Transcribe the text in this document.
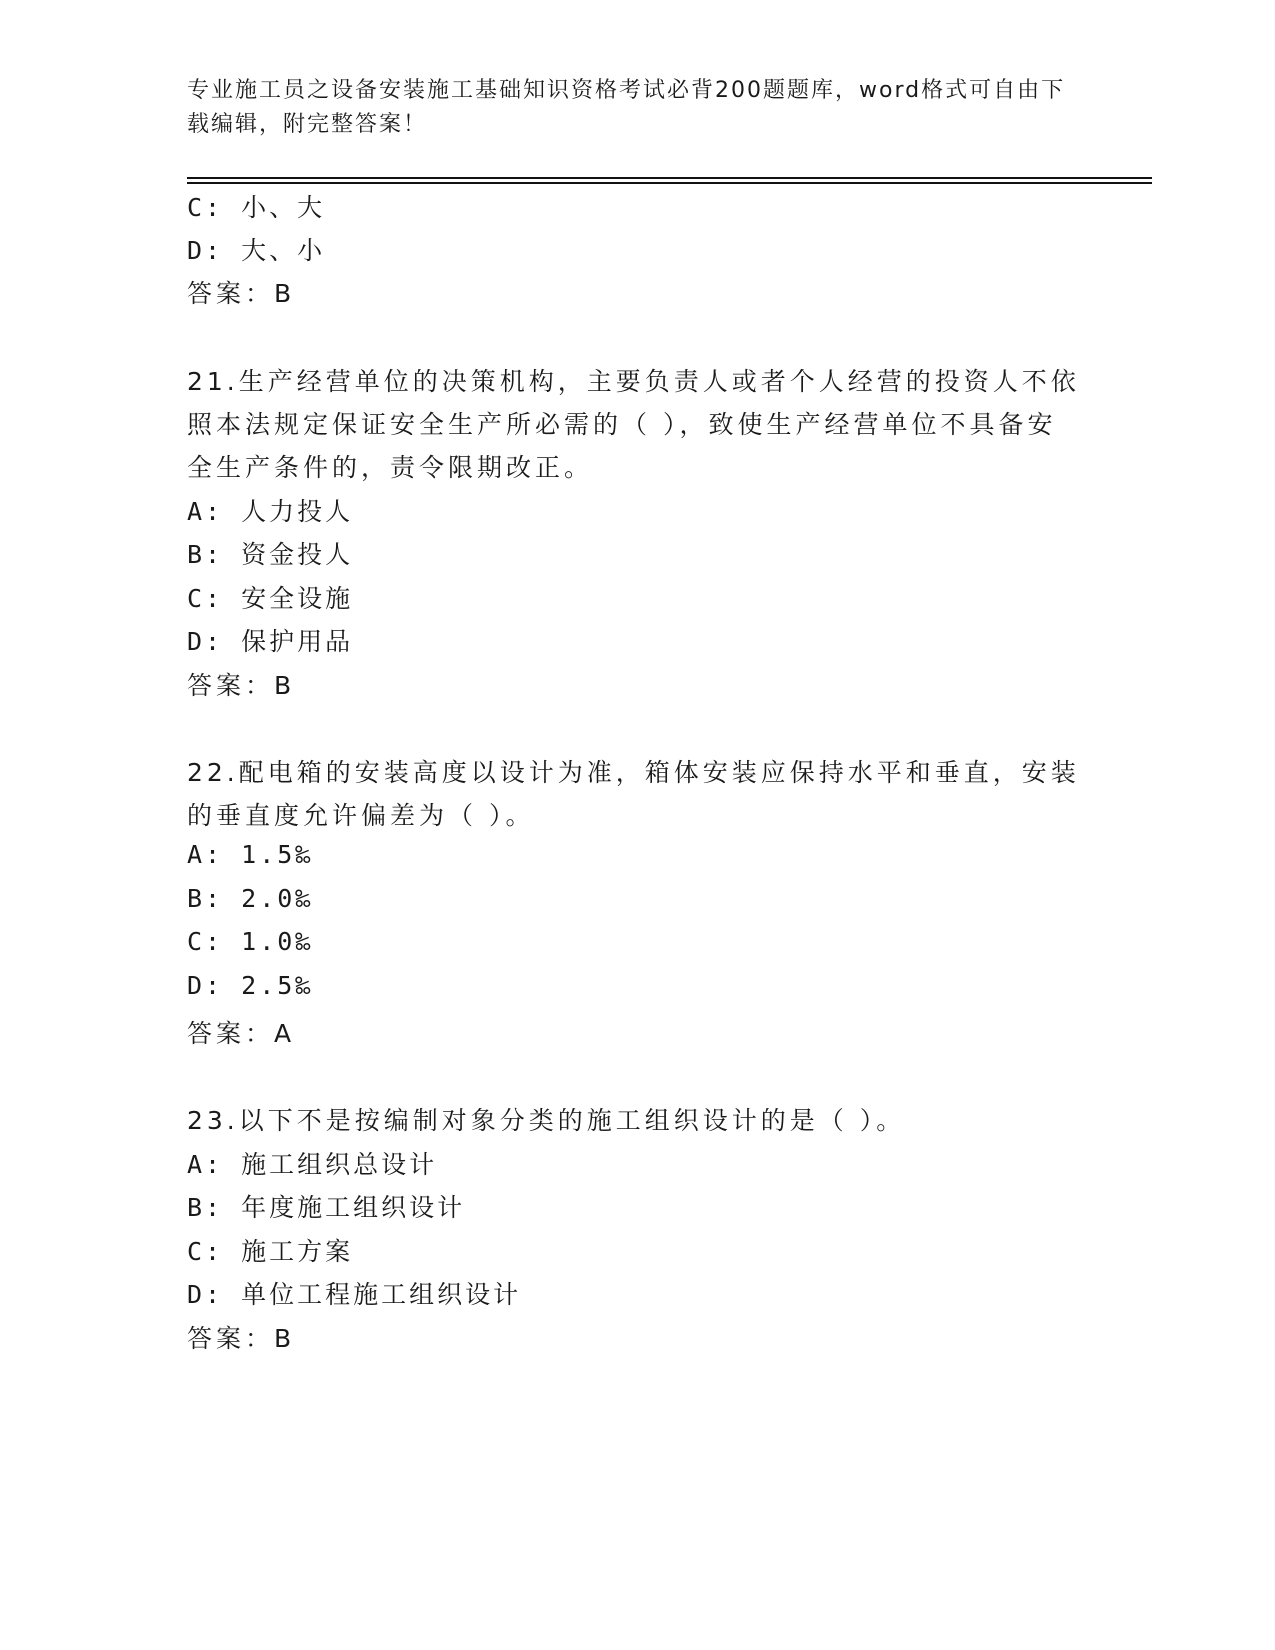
专业施工员之设备安装施工基础知识资格考试必背200题题库，word格式可自由下载编辑，附完整答案！
C: 小、大
D: 大、小
答案：B
21.生产经营单位的决策机构，主要负责人或者个人经营的投资人不依
照本法规定保证安全生产所必需的（ ），致使生产经营单位不具备安
全生产条件的，责令限期改正。
A: 人力投人
B: 资金投人
C: 安全设施
D: 保护用品
答案：B
22.配电箱的安装高度以设计为准，箱体安装应保持水平和垂直，安装
的垂直度允许偏差为（ ）。
A: 1.5‰
B: 2.0‰
C: 1.0‰
D: 2.5‰
答案：A
23.以下不是按编制对象分类的施工组织设计的是（ ）。
A: 施工组织总设计
B: 年度施工组织设计
C: 施工方案
D: 单位工程施工组织设计
答案：B
